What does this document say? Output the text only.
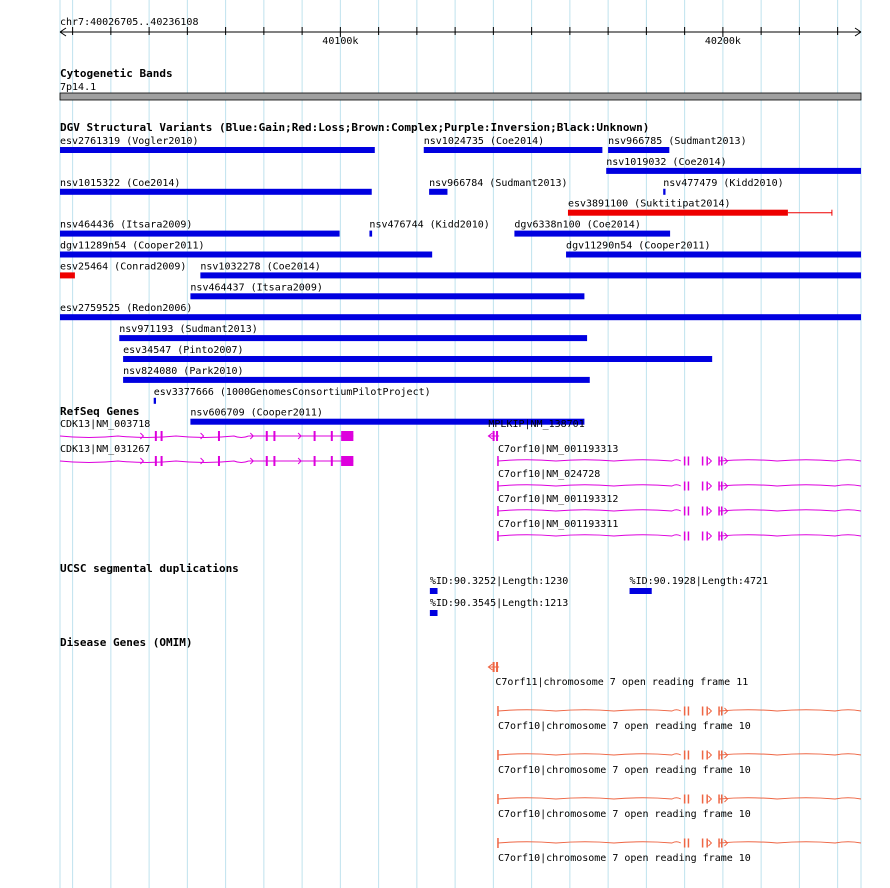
chr7:40026705..40236108
40100k	40200k
Cytogenetic Bands
7p14.1
DGV Structural Variants (Blue:Gain;Red:Loss;Brown:Complex;Purple:Inversion;Black:Unknown)
esv2761319 (Vogler2010)	nsv1024735 (Coe2014)
nsv1019032 (Coe2014)
nsv1015322 (Coe2014)	nsv966784 (Sudmant2013)
esv3891100 (Suktitipat2014)
nsv464436 (Itsara2009)	nsv476744 (Kidd2010) dgv6338n100 (Coe2014)
dgv11289n54 (Cooper2011)	dgv11290n54 (Cooper2011)
esv25464 (Conrad2009)
nsv464437 (Itsara2009)
nsv966785 (Sudmant2013)
esv2759525 (Redon2006)
nsv971193 (Sudmant2013)
nsv477479 (Kidd2010)
esv34547 (Pinto2007)
nsv824080 (Park2010)
esv3377666 (1000GenomesConsortiumPilotProject)
nsv606709 (Cooper2011)
nsv1032278 (Coe2014)
RefSeq Genes
CDK13|NM_003718
CDK13|NM_031267
MPLKIP|NM_138701
C7orf10|NM_001193313
C7orf10|NM_024728
C7orf10|NM_001193312
C7orf10|NM_001193311
UCSC segmental duplications
%ID:90.3252|Length:1230	%ID:90.1928|Length:4721
%ID:90.3545|Length:1213
Disease Genes (OMIM)
C7orf11|chromosome 7 open reading frame 11
C7orf10|chromosome 7 open reading frame 10
C7orf10|chromosome 7 open reading frame 10
C7orf10|chromosome 7 open reading frame 10
C7orf10|chromosome 7 open reading frame 10
